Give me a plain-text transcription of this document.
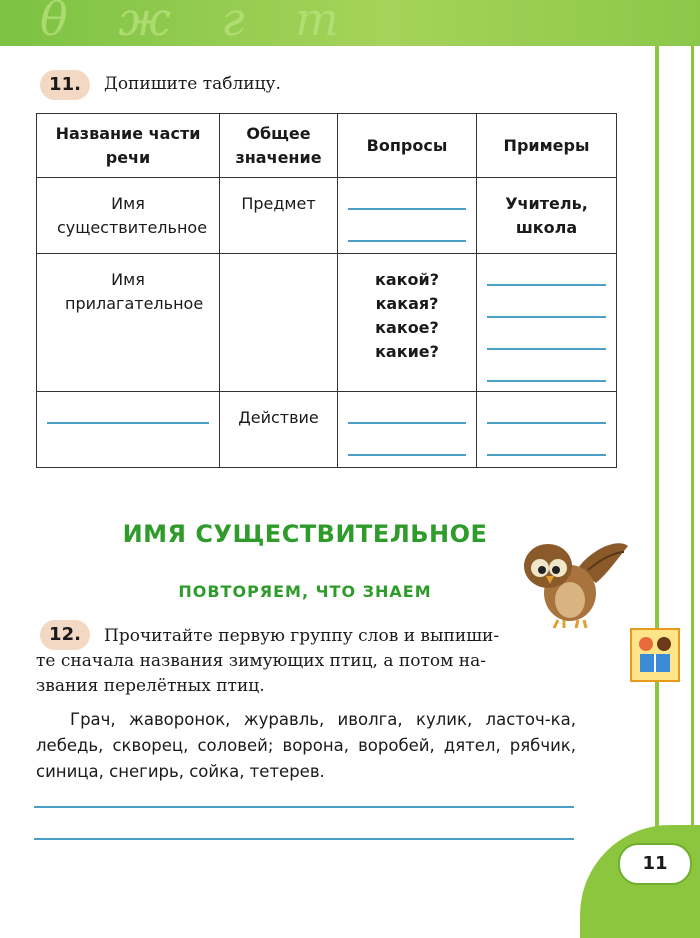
θ ж г т
11.	Допишите таблицу.
Название части речи	Общее значение	Вопросы	Примеры

Имя существительное	Предмет		Учитель, школа

Имя прилагательное		какой? какая? какое? какие?	

	Действие		

ИМЯ СУЩЕСТВИТЕЛЬНОЕ
ПОВТОРЯЕМ, ЧТО ЗНАЕМ
12.	Прочитайте первую группу слов и выпиши-
те сначала названия зимующих птиц, а потом на-
звания перелётных птиц.
Грач, жаворонок, журавль, иволга, кулик, ласточ-ка, лебедь, скворец, соловей; ворона, воробей, дятел, рябчик, синица, снегирь, сойка, тетерев.
11
